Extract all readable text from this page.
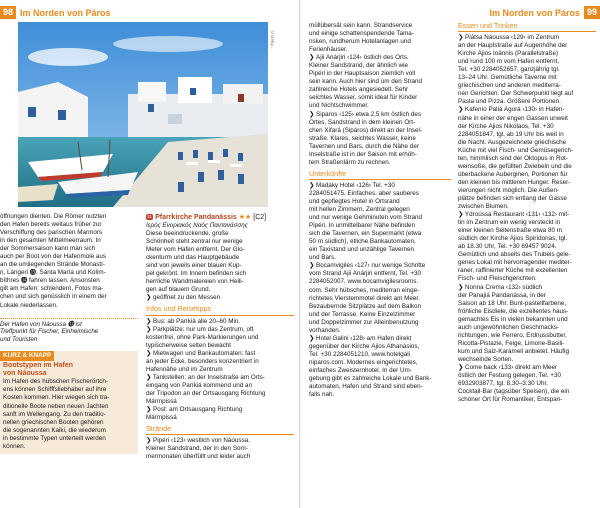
98 Im Norden von Páros	Im Norden von Páros 99
©Getty...
öffnungen dienten. Die Römer nutzten
den Hafen bereits weitaus früher zur
Verschiffung des parischen Marmors
in den gesamten Mittelmeerraum. In
der Sommersaison kann man sich
auch per Boot von der Hafenmole aus
an die umliegenden Strände Monastí-
ri, Lángeri ⓯, Sánta María und Kolim-
bíthres ⓮ fahren lassen. Ansonsten
gilt am Hafen: schlendern, Fotos ma-
chen und sich genüsslich in einem der
Lokale niederlassen.
Der Hafen von Náoussa ⓭ ist
Treffpunkt für Fischer, Einheimische
und Touristen
KURZ & KNAPP
Bootstypen im Hafen
von Náoussa
Im Hafen des hübschen Fischerörtch-
ens können Schifffsliebhaber auf ihre
Kosten kommen. Hier wiegen sich tra-
ditionelle Boote neben neuen Jachten
sanft im Wellengang. Zu den traditio-
nellen griechischen Booten gehören
die sogenannten Kaiki, die wiederum
in bestimmte Typen unterteilt werden
können.
31 Pfarrkirche Pandanássis ★★ [C2]
Ιερός Ενοριακός Ναός Παντανάσσης
Diese beeindruckende, große
Schönheit steht zentral nur wenige
Meter vom Hafen entfernt. Der Glo-
ckenturm und das Hauptgebäude
sind von jeweils einer blauen Kup-
pel gekrönt. Im Innern befinden sich
herrliche Wandmalereien von Heili-
gen auf blauem Grund.
❯ geöffnet zu den Messen
Infos und Reisetipps
❯ Bus: ab Paríkiá alle 20–60 Min.
❯ Parkplätze: nur um das Zentrum, oft
kostenfrei, ohne Park-Markierungen und
typischerweise selten bewacht
❯ Mietwagen und Bankautomaten: fast
an jeder Ecke, besonders konzentriert in
Hafennähe und im Zentrum
❯ Tankstellen: an der Inselstraße am Orts-
eingang von Paríkiá kommend und an
der Tripodon an der Ortsausgang Richtung
Mármpissá
❯ Post: am Ortsausgang Richtung
Mármpissá
Strände
❯ Pipéri ‹123› westlich von Náoussa.
Kleiner Sandstrand, der in den Som-
mermonaten überfüllt und leider auch
müllübersät sein kann. Strandservice
und einige schattenspendende Tama-
risken, rundherum Hotelanlagen und
Ferienhäuser.
❯ Ájii Anárjiri ‹124› östlich des Orts.
Kleiner Sandstrand, der ähnlich wie
Pipéri in der Hauptsaison ziemlich voll
sein kann. Auch hier sind um den Strand
zahlreiche Hotels angesiedelt. Sehr
seichtes Wasser, somit ideal für Kinder
und Nichtschwimmer.
❯ Siparos ‹125› etwa 2,5 km östlich des
Ortes. Sandstrand in dem kleinen Ört-
chen Xifará (Sipáros) direkt an der Insel-
straße. Klares, seichtes Wasser, keine
Tavernen und Bars, durch die Nähe der
Inselstraße ist in der Saison mit erhöh-
tem Straßenlärm zu rechnen.
Unterkünfte
❯ Madaky Hotel ‹126› Tel. +30
2284051475. Einfaches, aber sauberes
und gepflegtes Hotel in Ortsrand
mit hellen Zimmern. Zentral gelegen
und nur wenige Gehminuten vom Strand
Pipéri. In unmittelbarer Nähe befinden
sich die Tavernen, ein Supermarkt (etwa
50 m südlich), etliche Bankautomaten,
ein Taxistand und unzählige Tavernen
und Bars.
❯ Bocamvigiles ‹127› nur wenige Schritte
vom Strand Ájii Anárjiri entfernt, Tel. +30
2284052007, www.bocamvigilesrooms.
com. Sehr hübsches, mediterran einge-
richtetes Vierstemmotel direkt am Meer.
Bezaubernde Sitzplätze auf dem Balkon
und der Terrasse. Keine Einzelzimmer
und Doppelzimmer zur Alleinbenutzung
vorhanden.
❯ Hotel Galini ‹128› am Hafen direkt
gegenüber der Kirche Ájios Athanásios,
Tel. +30 2284051210, www.hotelgali
niparos.com. Modernes eingerichtetes,
einfaches Zweisternhotel. In der Um-
gebung gibt es zahlreiche Lokale und Bank-
automaten, Hafen und Strand sind eben-
falls nah.
Essen und Trinken
❯ Piátsa Náoussa ‹129› im Zentrum
an der Hauptstraße auf Augenhöhe der
Kirche Ájios Ioánnis (Parallelstraße)
und rund 100 m vom Hafen entfernt,
Tel. +30 2284052657, ganzjährig tgl.
13–24 Uhr. Gemütliche Taverne mit
griechischen und anderen mediterra-
nen Gerichten. Der Schwerpunkt liegt auf
Pasta und Pizza. Größere Portionen.
❯ Kafenío Paliá Agorá ‹130› in Hafen-
nähe in einer der engen Gassen unweit
der Kirche Ájios Nikólaos, Tel. +30
2284051847, tgl. ab 19 Uhr bis weit in
die Nacht. Ausgezeichnete griechische
Küche mit viel Fisch- und Gemüsegerich-
ten, himmlisch sind der Oktopus in Rot-
weinsoße, die gefüllten Zwiebeln und die
überbackene Auberginen, Portionen für
den kleinen bis mittleren Hunger. Reser-
vierungen nicht möglich. Die Außen-
plätze befinden sich entlang der Gasse
zwischen Blumen.
❯ Ydroússa Restaurant ‹131› ‹132› mit-
tin im Zentrum ein wenig versteckt in
einer kleinen Seitenstraße etwa 80 m
südlich der Kirche Ájios Spirídonas, tgl.
ab 18.30 Uhr, Tel. +30 69457 9024.
Gemütlich und abseits des Trubels gele-
genes Lokal mit hervorragender mediter-
raner, raffinierter Küche mit exzellenten
Fisch- und Fleischgerichten.
❯ Nonna Crema ‹132› südlich
der Panajiá Pandanássa, in der
Saison ab 18 Uhr. Bunt-pastellfarbene,
fröhliche Eisdiele, die exzellentes haus-
gemachtes Eis in vielen bekannten und
auch ungewöhnlichen Geschmacks-
richtungen, wie Ferrero, Erdnussbutter,
Ricotta-Pistazie, Feige, Limone-Basili-
kum und Salz-Karamell anbietet. Häufig
wechselnde Sorten.
❯ Come back ‹133› direkt am Meer
östlich der Festung gelegen, Tel. +30
6932903877, tgl. 8.30–3.30 Uhr.
Cocktail-Bar (tagsüber Speisen), die ein
schöner Ort für Romantiker, Entspan-
